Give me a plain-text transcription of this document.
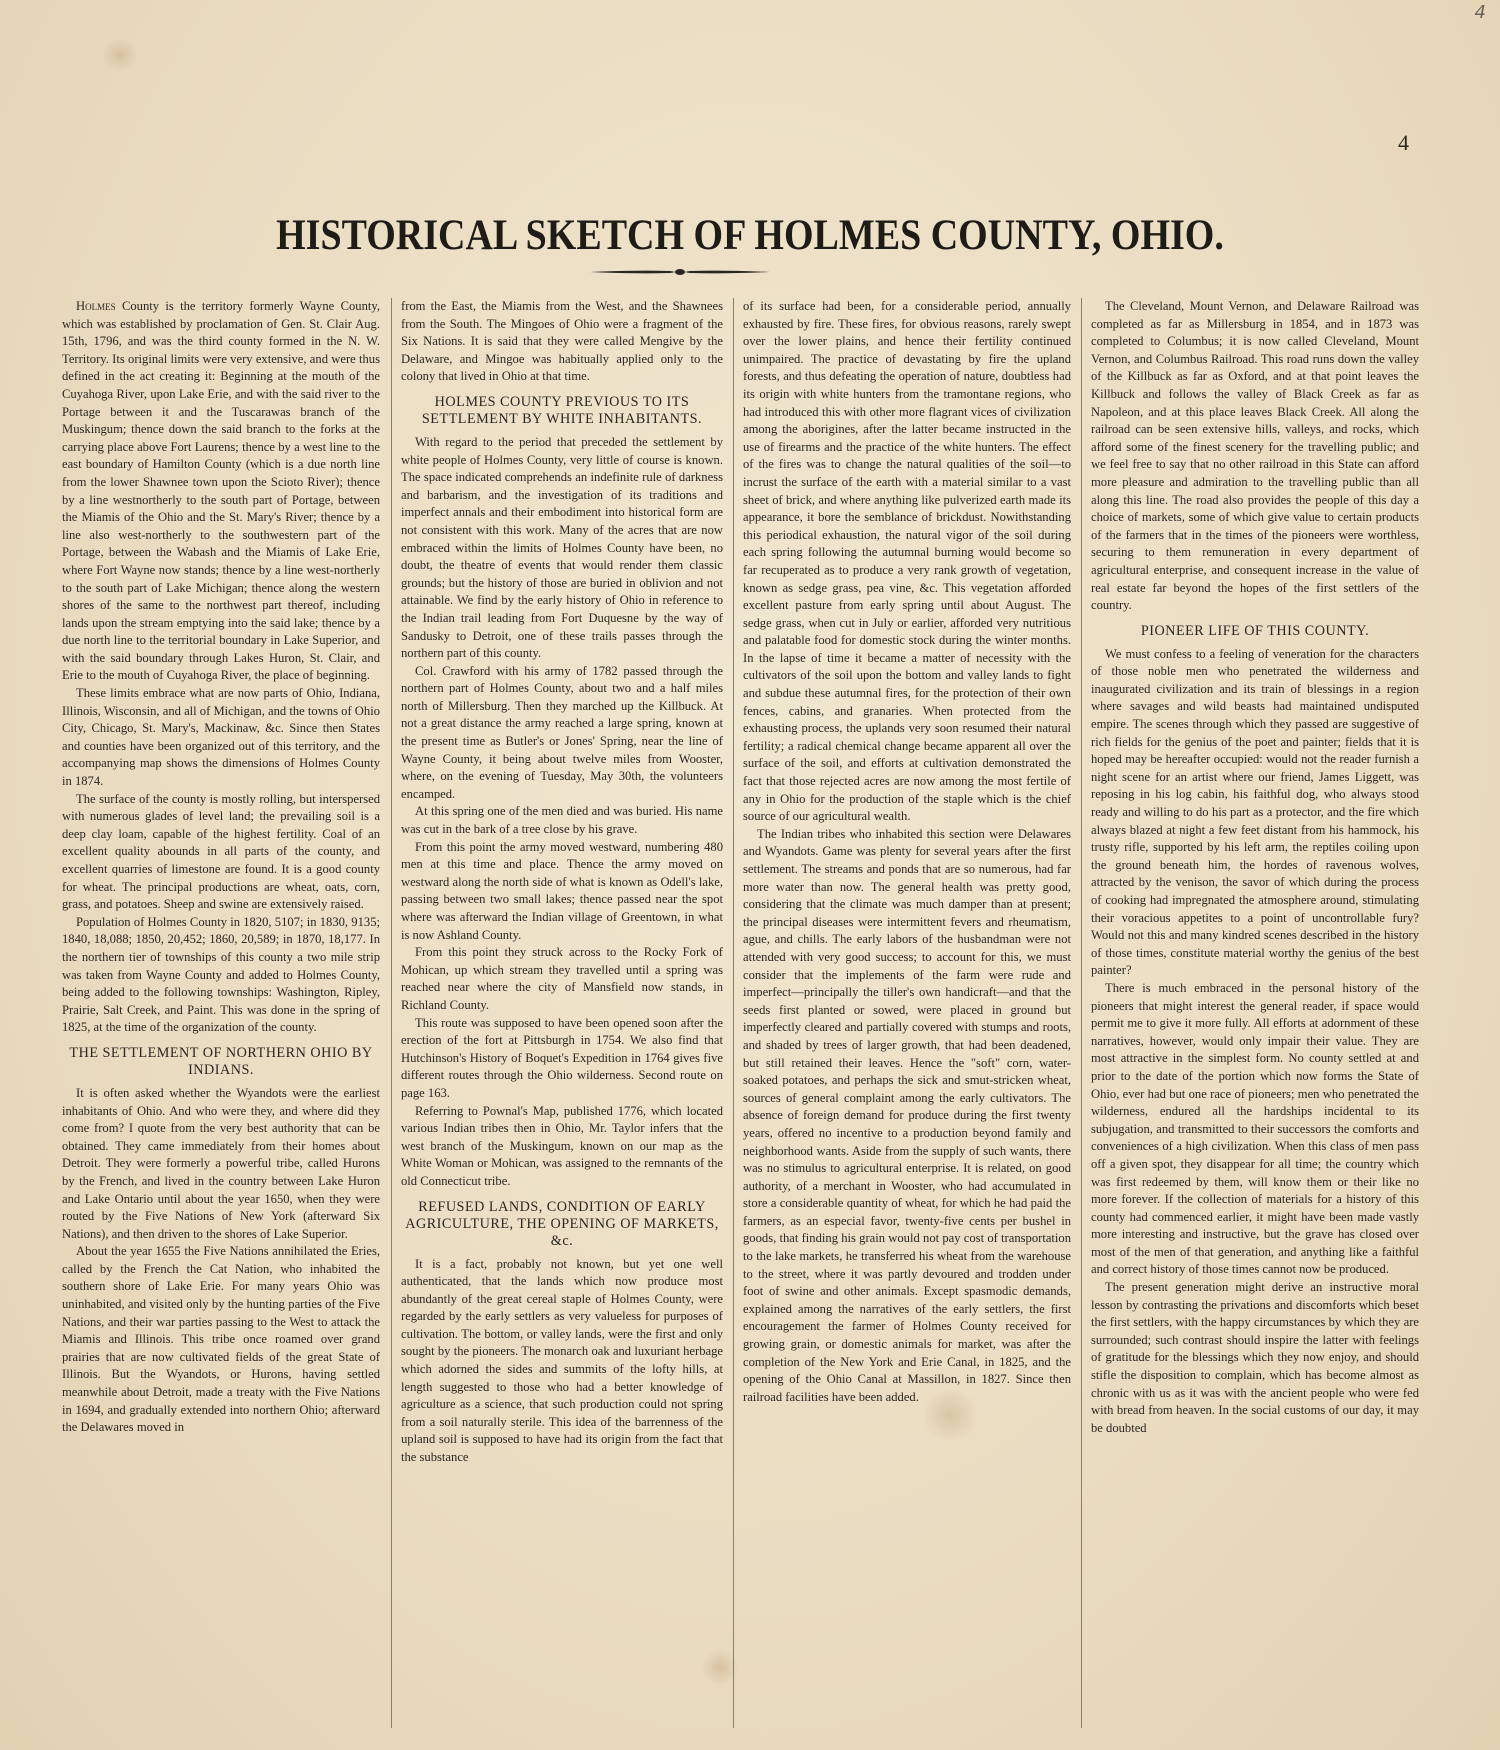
4
4
HISTORICAL SKETCH OF HOLMES COUNTY, OHIO.

Holmes County is the territory formerly Wayne County, which was established by proclamation of Gen. St. Clair Aug. 15th, 1796, and was the third county formed in the N. W. Territory. Its original limits were very extensive, and were thus defined in the act creating it: Beginning at the mouth of the Cuyahoga River, upon Lake Erie, and with the said river to the Portage between it and the Tuscarawas branch of the Muskingum; thence down the said branch to the forks at the carrying place above Fort Laurens; thence by a west line to the east boundary of Hamilton County (which is a due north line from the lower Shawnee town upon the Scioto River); thence by a line westnortherly to the south part of Portage, between the Miamis of the Ohio and the St. Mary's River; thence by a line also west-northerly to the southwestern part of the Portage, between the Wabash and the Miamis of Lake Erie, where Fort Wayne now stands; thence by a line west-northerly to the south part of Lake Michigan; thence along the western shores of the same to the northwest part thereof, including lands upon the stream emptying into the said lake; thence by a due north line to the territorial boundary in Lake Superior, and with the said boundary through Lakes Huron, St. Clair, and Erie to the mouth of Cuyahoga River, the place of beginning.

These limits embrace what are now parts of Ohio, Indiana, Illinois, Wisconsin, and all of Michigan, and the towns of Ohio City, Chicago, St. Mary's, Mackinaw, &c. Since then States and counties have been organized out of this territory, and the accompanying map shows the dimensions of Holmes County in 1874.

The surface of the county is mostly rolling, but interspersed with numerous glades of level land; the prevailing soil is a deep clay loam, capable of the highest fertility. Coal of an excellent quality abounds in all parts of the county, and excellent quarries of limestone are found. It is a good county for wheat. The principal productions are wheat, oats, corn, grass, and potatoes. Sheep and swine are extensively raised.

Population of Holmes County in 1820, 5107; in 1830, 9135; 1840, 18,088; 1850, 20,452; 1860, 20,589; in 1870, 18,177. In the northern tier of townships of this county a two mile strip was taken from Wayne County and added to Holmes County, being added to the following townships: Washington, Ripley, Prairie, Salt Creek, and Paint. This was done in the spring of 1825, at the time of the organization of the county.

THE SETTLEMENT OF NORTHERN OHIO BY INDIANS.

It is often asked whether the Wyandots were the earliest inhabitants of Ohio. And who were they, and where did they come from? I quote from the very best authority that can be obtained. They came immediately from their homes about Detroit. They were formerly a powerful tribe, called Hurons by the French, and lived in the country between Lake Huron and Lake Ontario until about the year 1650, when they were routed by the Five Nations of New York (afterward Six Nations), and then driven to the shores of Lake Superior.

About the year 1655 the Five Nations annihilated the Eries, called by the French the Cat Nation, who inhabited the southern shore of Lake Erie. For many years Ohio was uninhabited, and visited only by the hunting parties of the Five Nations, and their war parties passing to the West to attack the Miamis and Illinois. This tribe once roamed over grand prairies that are now cultivated fields of the great State of Illinois. But the Wyandots, or Hurons, having settled meanwhile about Detroit, made a treaty with the Five Nations in 1694, and gradually extended into northern Ohio; afterward the Delawares moved in

from the East, the Miamis from the West, and the Shawnees from the South. The Mingoes of Ohio were a fragment of the Six Nations. It is said that they were called Mengive by the Delaware, and Mingoe was habitually applied only to the colony that lived in Ohio at that time.

HOLMES COUNTY PREVIOUS TO ITS SETTLEMENT BY WHITE INHABITANTS.

With regard to the period that preceded the settlement by white people of Holmes County, very little of course is known. The space indicated comprehends an indefinite rule of darkness and barbarism, and the investigation of its traditions and imperfect annals and their embodiment into historical form are not consistent with this work. Many of the acres that are now embraced within the limits of Holmes County have been, no doubt, the theatre of events that would render them classic grounds; but the history of those are buried in oblivion and not attainable. We find by the early history of Ohio in reference to the Indian trail leading from Fort Duquesne by the way of Sandusky to Detroit, one of these trails passes through the northern part of this county.

Col. Crawford with his army of 1782 passed through the northern part of Holmes County, about two and a half miles north of Millersburg. Then they marched up the Killbuck. At not a great distance the army reached a large spring, known at the present time as Butler's or Jones' Spring, near the line of Wayne County, it being about twelve miles from Wooster, where, on the evening of Tuesday, May 30th, the volunteers encamped.

At this spring one of the men died and was buried. His name was cut in the bark of a tree close by his grave.

From this point the army moved westward, numbering 480 men at this time and place. Thence the army moved on westward along the north side of what is known as Odell's lake, passing between two small lakes; thence passed near the spot where was afterward the Indian village of Greentown, in what is now Ashland County.

From this point they struck across to the Rocky Fork of Mohican, up which stream they travelled until a spring was reached near where the city of Mansfield now stands, in Richland County.

This route was supposed to have been opened soon after the erection of the fort at Pittsburgh in 1754. We also find that Hutchinson's History of Boquet's Expedition in 1764 gives five different routes through the Ohio wilderness. Second route on page 163.

Referring to Pownal's Map, published 1776, which located various Indian tribes then in Ohio, Mr. Taylor infers that the west branch of the Muskingum, known on our map as the White Woman or Mohican, was assigned to the remnants of the old Connecticut tribe.

REFUSED LANDS, CONDITION OF EARLY AGRICULTURE, THE OPENING OF MARKETS, &c.

It is a fact, probably not known, but yet one well authenticated, that the lands which now produce most abundantly of the great cereal staple of Holmes County, were regarded by the early settlers as very valueless for purposes of cultivation. The bottom, or valley lands, were the first and only sought by the pioneers. The monarch oak and luxuriant herbage which adorned the sides and summits of the lofty hills, at length suggested to those who had a better knowledge of agriculture as a science, that such production could not spring from a soil naturally sterile. This idea of the barrenness of the upland soil is supposed to have had its origin from the fact that the substance

of its surface had been, for a considerable period, annually exhausted by fire. These fires, for obvious reasons, rarely swept over the lower plains, and hence their fertility continued unimpaired. The practice of devastating by fire the upland forests, and thus defeating the operation of nature, doubtless had its origin with white hunters from the tramontane regions, who had introduced this with other more flagrant vices of civilization among the aborigines, after the latter became instructed in the use of firearms and the practice of the white hunters. The effect of the fires was to change the natural qualities of the soil—to incrust the surface of the earth with a material similar to a vast sheet of brick, and where anything like pulverized earth made its appearance, it bore the semblance of brickdust. Nowithstanding this periodical exhaustion, the natural vigor of the soil during each spring following the autumnal burning would become so far recuperated as to produce a very rank growth of vegetation, known as sedge grass, pea vine, &c. This vegetation afforded excellent pasture from early spring until about August. The sedge grass, when cut in July or earlier, afforded very nutritious and palatable food for domestic stock during the winter months. In the lapse of time it became a matter of necessity with the cultivators of the soil upon the bottom and valley lands to fight and subdue these autumnal fires, for the protection of their own fences, cabins, and granaries. When protected from the exhausting process, the uplands very soon resumed their natural fertility; a radical chemical change became apparent all over the surface of the soil, and efforts at cultivation demonstrated the fact that those rejected acres are now among the most fertile of any in Ohio for the production of the staple which is the chief source of our agricultural wealth.

The Indian tribes who inhabited this section were Delawares and Wyandots. Game was plenty for several years after the first settlement. The streams and ponds that are so numerous, had far more water than now. The general health was pretty good, considering that the climate was much damper than at present; the principal diseases were intermittent fevers and rheumatism, ague, and chills. The early labors of the husbandman were not attended with very good success; to account for this, we must consider that the implements of the farm were rude and imperfect—principally the tiller's own handicraft—and that the seeds first planted or sowed, were placed in ground but imperfectly cleared and partially covered with stumps and roots, and shaded by trees of larger growth, that had been deadened, but still retained their leaves. Hence the "soft" corn, water-soaked potatoes, and perhaps the sick and smut-stricken wheat, sources of general complaint among the early cultivators. The absence of foreign demand for produce during the first twenty years, offered no incentive to a production beyond family and neighborhood wants. Aside from the supply of such wants, there was no stimulus to agricultural enterprise. It is related, on good authority, of a merchant in Wooster, who had accumulated in store a considerable quantity of wheat, for which he had paid the farmers, as an especial favor, twenty-five cents per bushel in goods, that finding his grain would not pay cost of transportation to the lake markets, he transferred his wheat from the warehouse to the street, where it was partly devoured and trodden under foot of swine and other animals. Except spasmodic demands, explained among the narratives of the early settlers, the first encouragement the farmer of Holmes County received for growing grain, or domestic animals for market, was after the completion of the New York and Erie Canal, in 1825, and the opening of the Ohio Canal at Massillon, in 1827. Since then railroad facilities have been added.

The Cleveland, Mount Vernon, and Delaware Railroad was completed as far as Millersburg in 1854, and in 1873 was completed to Columbus; it is now called Cleveland, Mount Vernon, and Columbus Railroad. This road runs down the valley of the Killbuck as far as Oxford, and at that point leaves the Killbuck and follows the valley of Black Creek as far as Napoleon, and at this place leaves Black Creek. All along the railroad can be seen extensive hills, valleys, and rocks, which afford some of the finest scenery for the travelling public; and we feel free to say that no other railroad in this State can afford more pleasure and admiration to the travelling public than all along this line. The road also provides the people of this day a choice of markets, some of which give value to certain products of the farmers that in the times of the pioneers were worthless, securing to them remuneration in every department of agricultural enterprise, and consequent increase in the value of real estate far beyond the hopes of the first settlers of the country.

PIONEER LIFE OF THIS COUNTY.

We must confess to a feeling of veneration for the characters of those noble men who penetrated the wilderness and inaugurated civilization and its train of blessings in a region where savages and wild beasts had maintained undisputed empire. The scenes through which they passed are suggestive of rich fields for the genius of the poet and painter; fields that it is hoped may be hereafter occupied: would not the reader furnish a night scene for an artist where our friend, James Liggett, was reposing in his log cabin, his faithful dog, who always stood ready and willing to do his part as a protector, and the fire which always blazed at night a few feet distant from his hammock, his trusty rifle, supported by his left arm, the reptiles coiling upon the ground beneath him, the hordes of ravenous wolves, attracted by the venison, the savor of which during the process of cooking had impregnated the atmosphere around, stimulating their voracious appetites to a point of uncontrollable fury? Would not this and many kindred scenes described in the history of those times, constitute material worthy the genius of the best painter?

There is much embraced in the personal history of the pioneers that might interest the general reader, if space would permit me to give it more fully. All efforts at adornment of these narratives, however, would only impair their value. They are most attractive in the simplest form. No county settled at and prior to the date of the portion which now forms the State of Ohio, ever had but one race of pioneers; men who penetrated the wilderness, endured all the hardships incidental to its subjugation, and transmitted to their successors the comforts and conveniences of a high civilization. When this class of men pass off a given spot, they disappear for all time; the country which was first redeemed by them, will know them or their like no more forever. If the collection of materials for a history of this county had commenced earlier, it might have been made vastly more interesting and instructive, but the grave has closed over most of the men of that generation, and anything like a faithful and correct history of those times cannot now be produced.

The present generation might derive an instructive moral lesson by contrasting the privations and discomforts which beset the first settlers, with the happy circumstances by which they are surrounded; such contrast should inspire the latter with feelings of gratitude for the blessings which they now enjoy, and should stifle the disposition to complain, which has become almost as chronic with us as it was with the ancient people who were fed with bread from heaven. In the social customs of our day, it may be doubted
